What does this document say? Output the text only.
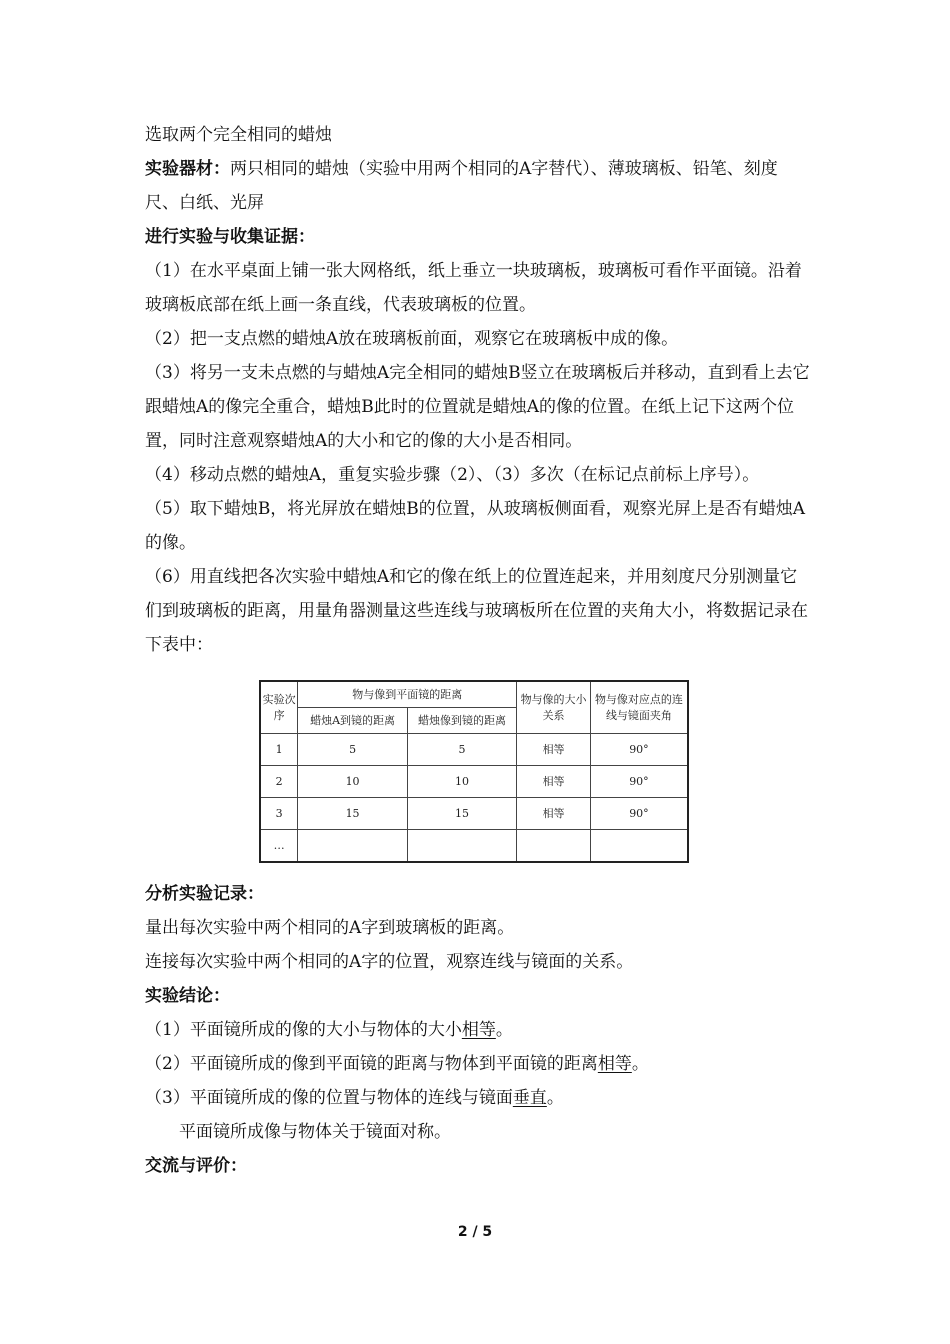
选取两个完全相同的蜡烛

实验器材：两只相同的蜡烛（实验中用两个相同的A字替代）、薄玻璃板、铅笔、刻度尺、白纸、光屏

进行实验与收集证据：

（1）在水平桌面上铺一张大网格纸，纸上垂立一块玻璃板，玻璃板可看作平面镜。沿着玻璃板底部在纸上画一条直线，代表玻璃板的位置。

（2）把一支点燃的蜡烛A放在玻璃板前面，观察它在玻璃板中成的像。

（3）将另一支未点燃的与蜡烛A完全相同的蜡烛B竖立在玻璃板后并移动，直到看上去它跟蜡烛A的像完全重合，蜡烛B此时的位置就是蜡烛A的像的位置。在纸上记下这两个位置，同时注意观察蜡烛A的大小和它的像的大小是否相同。

（4）移动点燃的蜡烛A，重复实验步骤（2）、（3）多次（在标记点前标上序号）。

（5）取下蜡烛B，将光屏放在蜡烛B的位置，从玻璃板侧面看，观察光屏上是否有蜡烛A的像。

（6）用直线把各次实验中蜡烛A和它的像在纸上的位置连起来，并用刻度尺分别测量它们到玻璃板的距离，用量角器测量这些连线与玻璃板所在位置的夹角大小，将数据记录在下表中：

实验次序	物与像到平面镜的距离		物与像的大小关系	物与像对应点的连线与镜面夹角
	蜡烛A到镜的距离	蜡烛像到镜的距离		
1	5	5	相等	90°
2	10	10	相等	90°
3	15	15	相等	90°
…				

分析实验记录：

量出每次实验中两个相同的A字到玻璃板的距离。

连接每次实验中两个相同的A字的位置，观察连线与镜面的关系。

实验结论：

（1）平面镜所成的像的大小与物体的大小相等。

（2）平面镜所成的像到平面镜的距离与物体到平面镜的距离相等。

（3）平面镜所成的像的位置与物体的连线与镜面垂直。

平面镜所成像与物体关于镜面对称。

交流与评价：

2 / 5
